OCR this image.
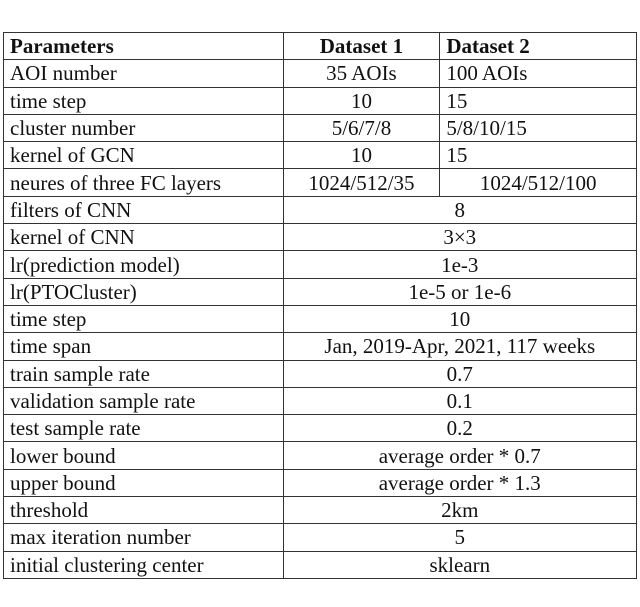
Parameters	Dataset 1	Dataset 2
AOI number	35 AOIs	100 AOIs
time step	10	15
cluster number	5/6/7/8	5/8/10/15
kernel of GCN	10	15
neures of three FC layers	1024/512/35	1024/512/100
filters of CNN	8	
kernel of CNN	3×3	
lr(prediction model)	1e-3	
lr(PTOCluster)	1e-5 or 1e-6	
time step	10	
time span	Jan, 2019-Apr, 2021, 117 weeks	
train sample rate	0.7	
validation sample rate	0.1	
test sample rate	0.2	
lower bound	average order * 0.7	
upper bound	average order * 1.3	
threshold	2km	
max iteration number	5	
initial clustering center	sklearn	
